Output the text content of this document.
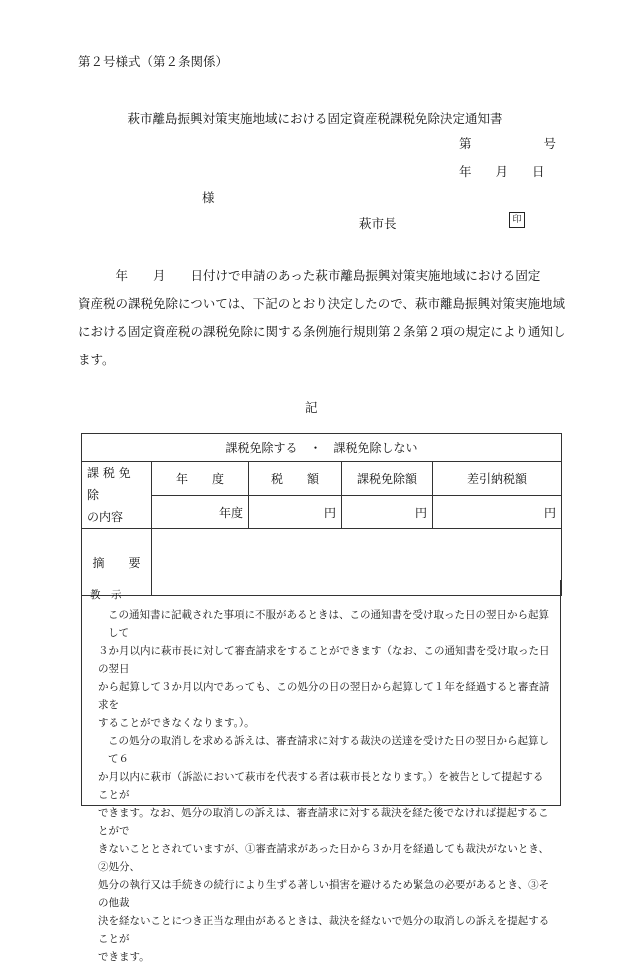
第２号様式（第２条関係）
萩市離島振興対策実施地域における固定資産税課税免除決定通知書
第	号
年 月 日
様
萩市長	印

　　　年　　月　　日付けで申請のあった萩市離島振興対策実施地域における固定

資産税の課税免除については、下記のとおり決定したので、萩市離島振興対策実施地域

における固定資産税の課税免除に関する条例施行規則第２条第２項の規定により通知し

ます。

記
課税免除する　・　課税免除しない				
課 税 免 除
の内容	年　　度	税　　額	課税免除額	差引納税額
	年度	円	円	円
摘　　要				
教　示
この通知書に記載された事項に不服があるときは、この通知書を受け取った日の翌日から起算して
３か月以内に萩市長に対して審査請求をすることができます（なお、この通知書を受け取った日の翌日
から起算して３か月以内であっても、この処分の日の翌日から起算して１年を経過すると審査請求を
することができなくなります。）。
この処分の取消しを求める訴えは、審査請求に対する裁決の送達を受けた日の翌日から起算して６
か月以内に萩市（訴訟において萩市を代表する者は萩市長となります。）を被告として提起することが
できます。なお、処分の取消しの訴えは、審査請求に対する裁決を経た後でなければ提起することがで
きないこととされていますが、①審査請求があった日から３か月を経過しても裁決がないとき、②処分、
処分の執行又は手続きの続行により生ずる著しい損害を避けるため緊急の必要があるとき、③その他裁
決を経ないことにつき正当な理由があるときは、裁決を経ないで処分の取消しの訴えを提起することが
できます。
